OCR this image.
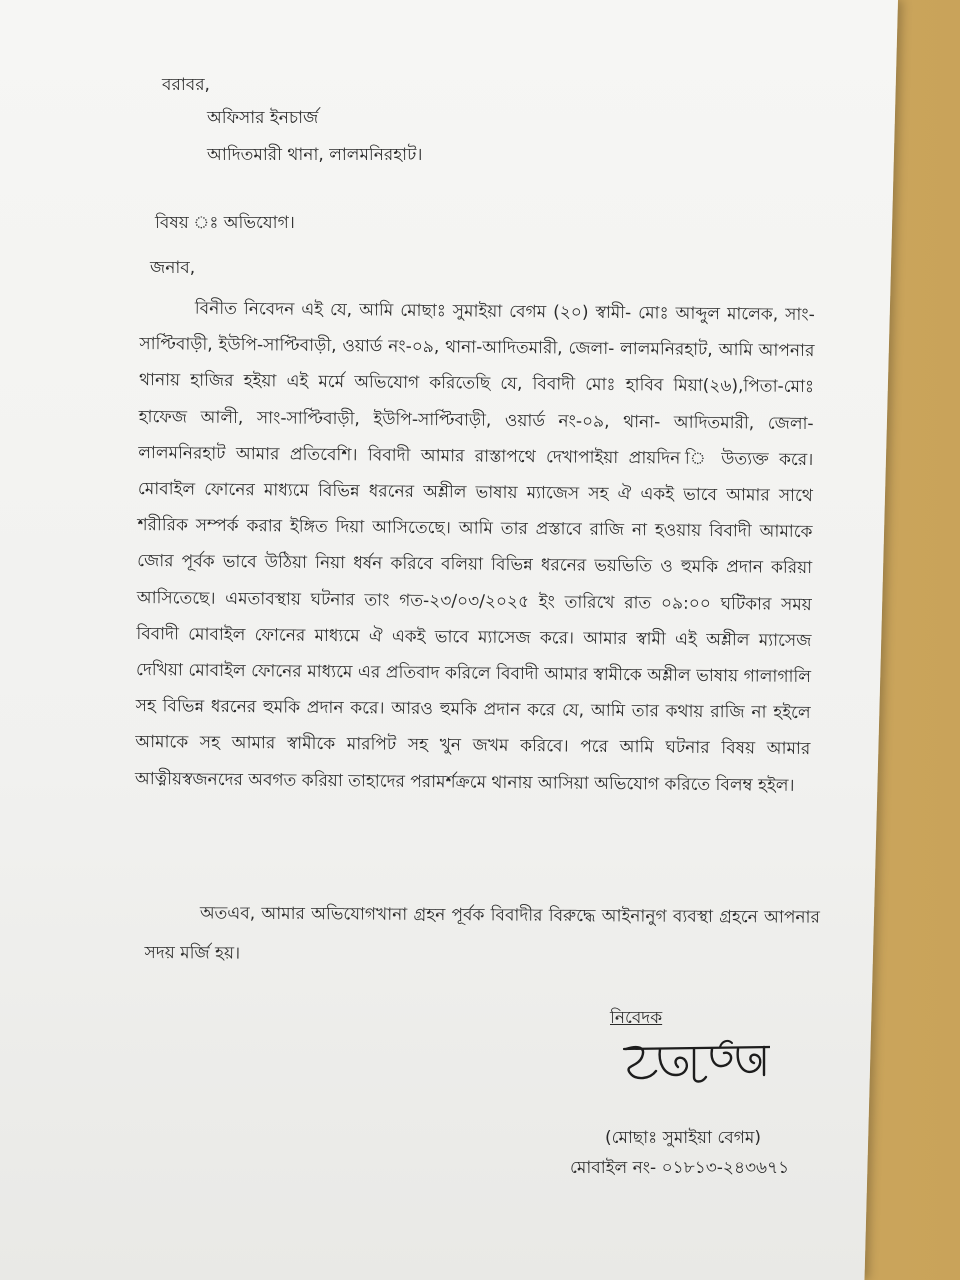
বরাবর,
অফিসার ইনচার্জ
আদিতমারী থানা, লালমনিরহাট।
বিষয় ঃ অভিযোগ।
জনাব,
বিনীত নিবেদন এই যে, আমি মোছাঃ সুমাইয়া বেগম (২০) স্বামী- মোঃ আব্দুল মালেক, সাং- সাপ্টিবাড়ী, ইউপি-সাপ্টিবাড়ী, ওয়ার্ড নং-০৯, থানা-আদিতমারী, জেলা- লালমনিরহাট, আমি আপনার থানায় হাজির হইয়া এই মর্মে অভিযোগ করিতেছি যে, বিবাদী মোঃ হাবিব মিয়া(২৬),পিতা-মোঃ হাফেজ আলী, সাং-সাপ্টিবাড়ী, ইউপি-সাপ্টিবাড়ী, ওয়ার্ড নং-০৯, থানা- আদিতমারী, জেলা- লালমনিরহাট আমার প্রতিবেশি। বিবাদী আমার রাস্তাপথে দেখাপাইয়া প্রায়দিন ি উত্যক্ত করে। মোবাইল ফোনের মাধ্যমে বিভিন্ন ধরনের অশ্লীল ভাষায় ম্যাজেস সহ ঐ একই ভাবে আমার সাথে শরীরিক সম্পর্ক করার ইঙ্গিত দিয়া আসিতেছে। আমি তার প্রস্তাবে রাজি না হওয়ায় বিবাদী আমাকে জোর পূর্বক ভাবে উঠিয়া নিয়া ধর্ষন করিবে বলিয়া বিভিন্ন ধরনের ভয়ভিতি ও হুমকি প্রদান করিয়া আসিতেছে। এমতাবস্থায় ঘটনার তাং গত-২৩/০৩/২০২৫ ইং তারিখে রাত ০৯:০০ ঘটিকার সময় বিবাদী মোবাইল ফোনের মাধ্যমে ঐ একই ভাবে ম্যাসেজ করে। আমার স্বামী এই অশ্লীল ম্যাসেজ দেখিয়া মোবাইল ফোনের মাধ্যমে এর প্রতিবাদ করিলে বিবাদী আমার স্বামীকে অশ্লীল ভাষায় গালাগালি সহ বিভিন্ন ধরনের হুমকি প্রদান করে। আরও হুমকি প্রদান করে যে, আমি তার কথায় রাজি না হইলে আমাকে সহ আমার স্বামীকে মারপিট সহ খুন জখম করিবে। পরে আমি ঘটনার বিষয় আমার আত্নীয়স্বজনদের অবগত করিয়া তাহাদের পরামর্শক্রমে থানায় আসিয়া অভিযোগ করিতে বিলম্ব হইল।
অতএব, আমার অভিযোগখানা গ্রহন পূর্বক বিবাদীর বিরুদ্ধে আইনানুগ ব্যবস্থা গ্রহনে আপনার সদয় মর্জি হয়।
নিবেদক
(মোছাঃ সুমাইয়া বেগম)
মোবাইল নং- ০১৮১৩-২৪৩৬৭১
